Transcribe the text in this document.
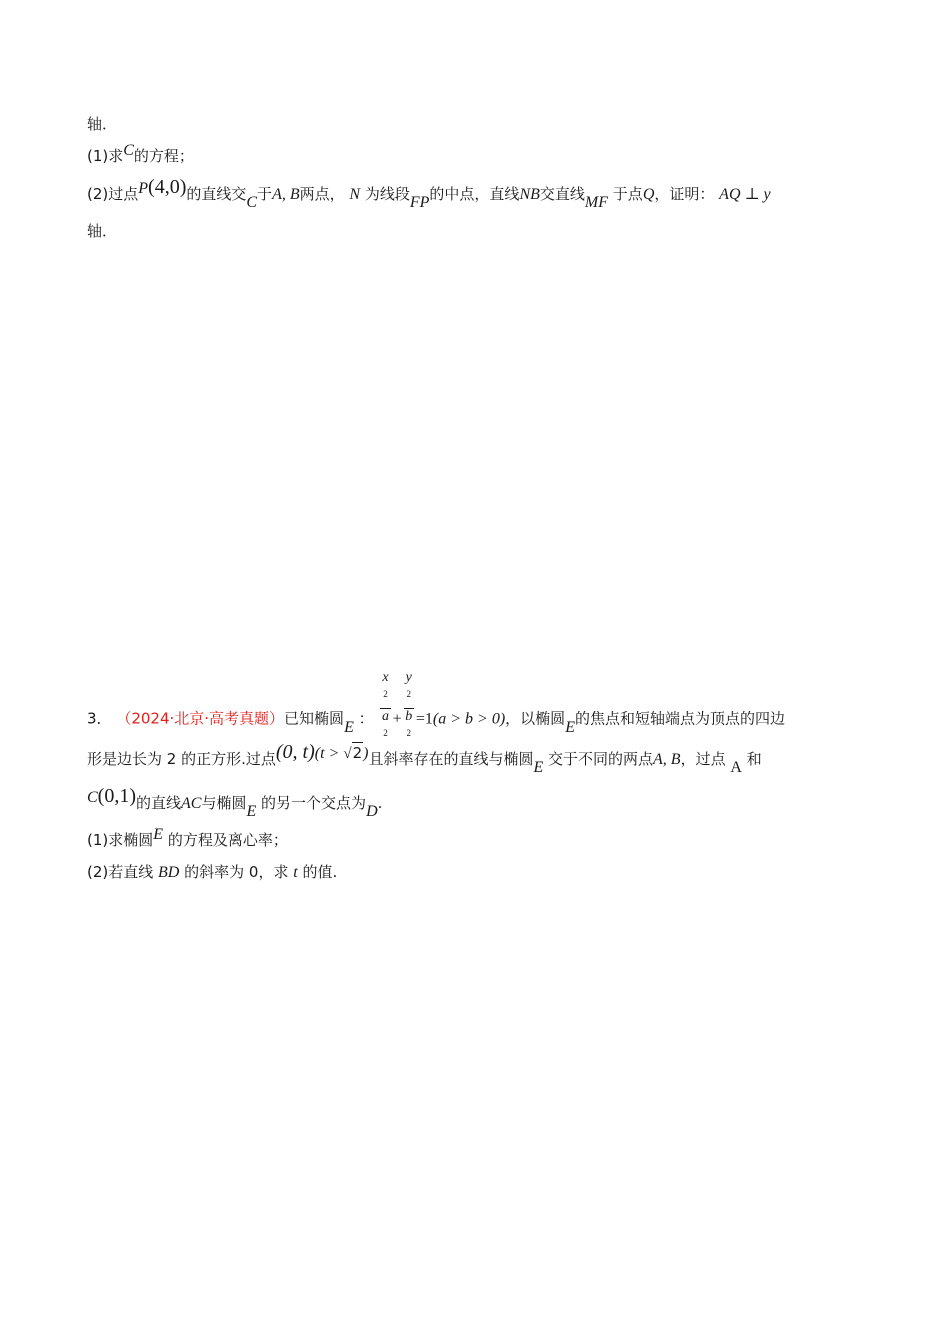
轴．
(1)求C的方程；
(2)过点P(4,0)的直线交C于A, B两点， N 为线段FP的中点，直线NB交直线MF 于点Q，证明： AQ ⊥ y
轴．
3． （2024·北京·高考真题）已知椭圆E ： x
$^2$
a
$^2$ + y
$^2$
b
$^2$ =1(a > b > 0)，以椭圆E的焦点和短轴端点为顶点的四边
形是边长为 2 的正方形.过点(0, t)(t > √2)且斜率存在的直线与椭圆E 交于不同的两点A, B，过点 A 和
C(0,1)的直线AC与椭圆E 的另一个交点为D.
(1)求椭圆E 的方程及离心率；
(2)若直线 BD 的斜率为 0，求 t 的值.
